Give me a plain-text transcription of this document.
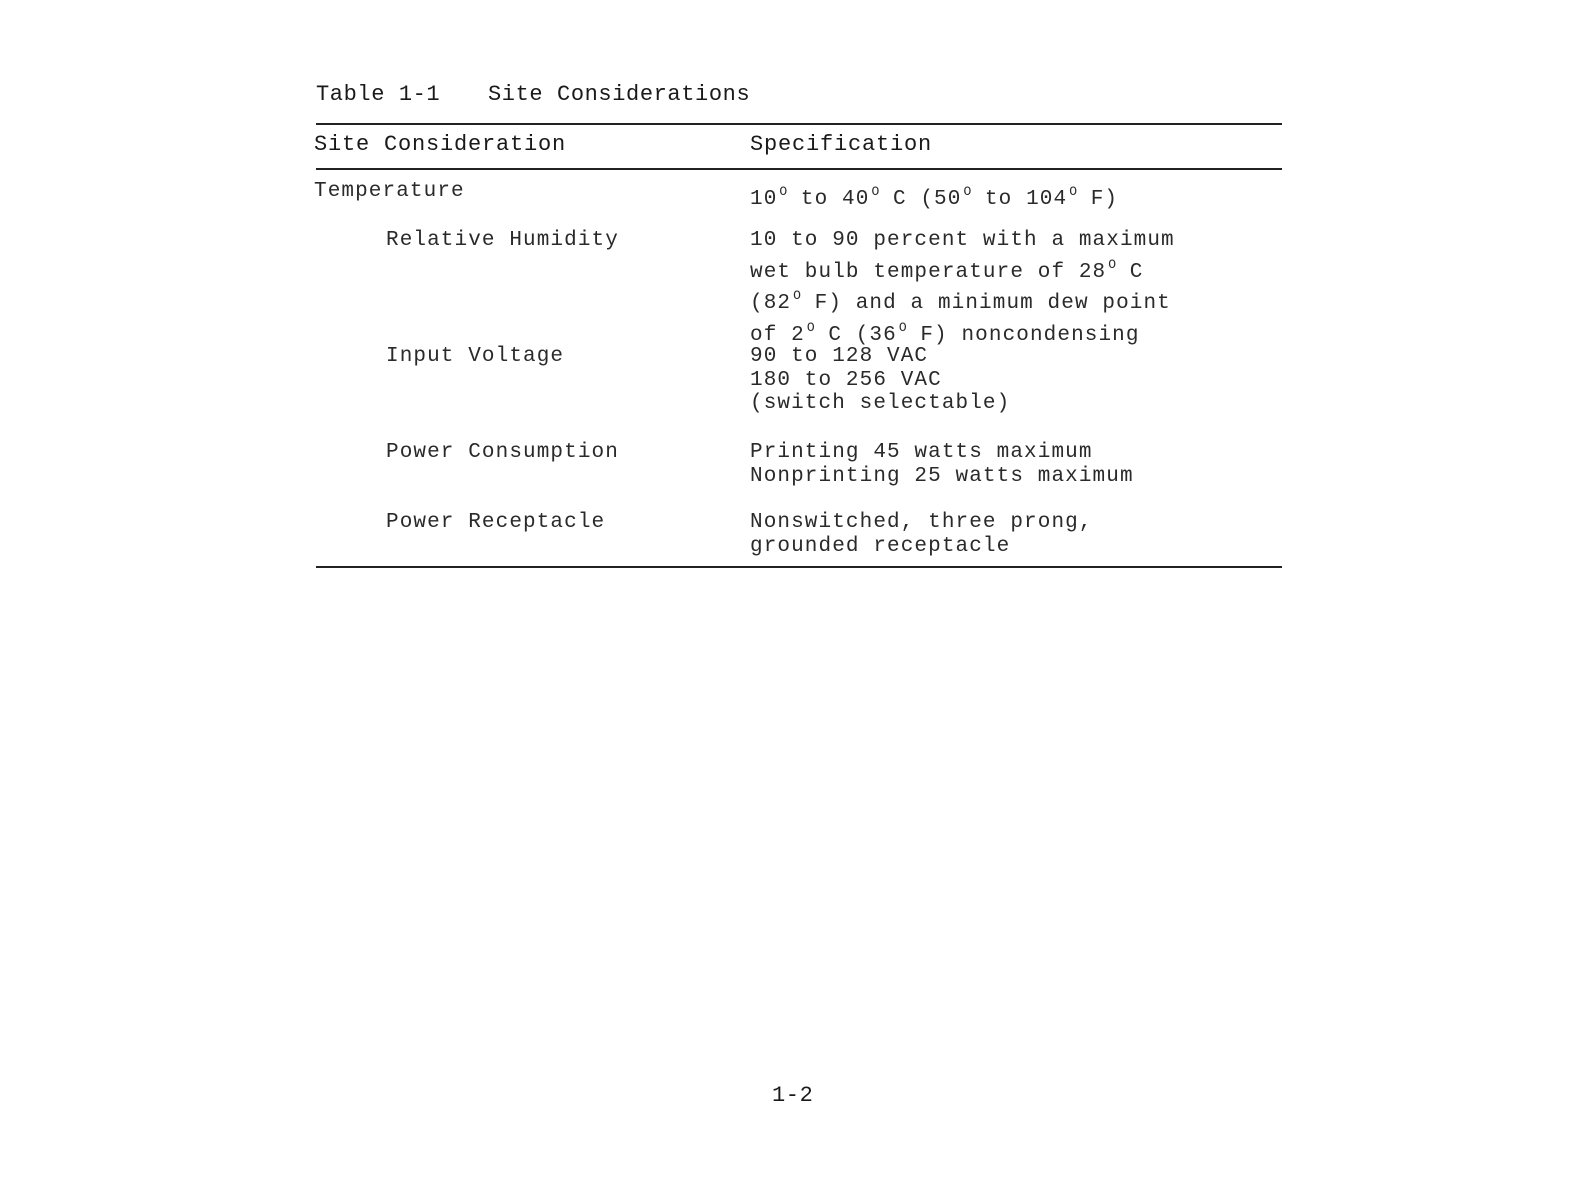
Table 1-1 Site Considerations
Site Consideration	Specification
Temperature	10 $^O$ to 40 $^O$ C (50 $^O$ to 104 $^O$ F)
Relative Humidity	10 to 90 percent with a maximum
wet bulb temperature of 28 $^O$ C
(82 $^O$ F) and a minimum dew point
of 2 $^O$ C (36 $^O$ F) noncondensing
Input Voltage	90 to 128 VAC
180 to 256 VAC
(switch selectable)
Power Consumption	Printing 45 watts maximum
Nonprinting 25 watts maximum
Power Receptacle	Nonswitched, three prong,
grounded receptacle
1-2
